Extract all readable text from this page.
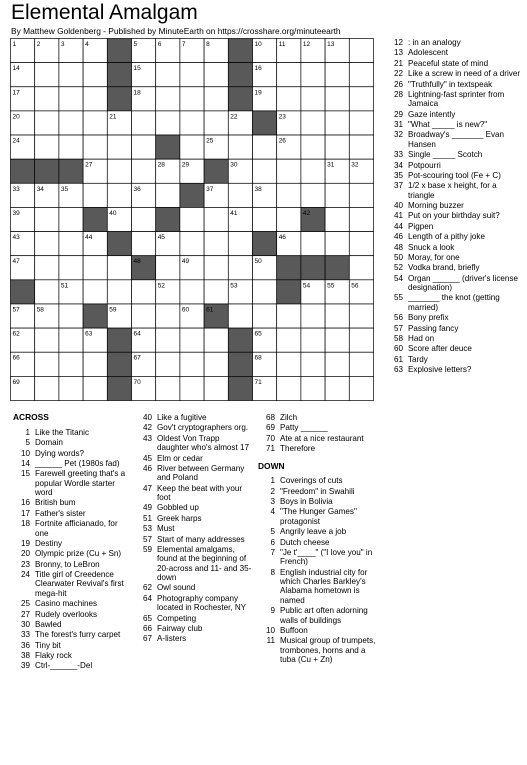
Elemental Amalgam
By Matthew Goldenberg - Published by MinuteEarth on https://crosshare.org/minuteearth
1	2	3	4	5	6	7	8	10	11	12	13
14	15	16
17	18	19
20	21	22	23
24	25	26
27	28	29	30	31	32
33	34	35	36	37	38
39	40	41	42
43	44	45	46
47	48	49	50
51	52	53	54	55	56
57	58	59	60	61
62	63	64	65
66	67	68
69	70	71
ACROSS
1 Like the Titanic
5 Domain
10 Dying words?
14 ______ Pet (1980s fad)
15 Farewell greeting that's a popular Wordle starter word
16 British bum
17 Father's sister
18 Fortnite afficianado, for one
19 Destiny
20 Olympic prize (Cu + Sn)
23 Bronny, to LeBron
24 Title girl of Creedence Clearwater Revival's first mega-hit
25 Casino machines
27 Rudely overlooks
30 Bawled
33 The forest's furry carpet
36 Tiny bit
38 Flaky rock
39 Ctrl-______-Del
40 Like a fugitive
42 Gov't cryptographers org.
43 Oldest Von Trapp daughter who's almost 17
45 Elm or cedar
46 River between Germany and Poland
47 Keep the beat with your foot
49 Gobbled up
51 Greek harps
53 Must
57 Start of many addresses
59 Elemental amalgams, found at the beginning of 20-across and 11- and 35-down
62 Owl sound
64 Photography company located in Rochester, NY
65 Competing
66 Fairway club
67 A-listers
68 Zilch
69 Patty ______
70 Ate at a nice restaurant
71 Therefore
DOWN
1 Coverings of cuts
2 "Freedom" in Swahili
3 Boys in Bolivia
4 "The Hunger Games" protagonist
5 Angrily leave a job
6 Dutch cheese
7 "Je t'____" ("I love you" in French)
8 English industrial city for which Charles Barkley's Alabama hometown is named
9 Public art often adorning walls of buildings
10 Buffoon
11 Musical group of trumpets, trombones, horns and a tuba (Cu + Zn)
12 : in an analogy
13 Adolescent
21 Peaceful state of mind
22 Like a screw in need of a driver
26 "Truthfully" in textspeak
28 Lightning-fast sprinter from Jamaica
29 Gaze intently
31 "What _____ is new?"
32 Broadway's _______ Evan Hansen
33 Single _____ Scotch
34 Potpourri
35 Pot-scouring tool (Fe + C)
37 1/2 x base x height, for a triangle
40 Morning buzzer
41 Put on your birthday suit?
44 Pigpen
46 Length of a pithy joke
48 Snuck a look
50 Moray, for one
52 Vodka brand, briefly
54 Organ ______ (driver's license designation)
55 _______ the knot (getting married)
56 Bony prefix
57 Passing fancy
58 Had on
60 Score after deuce
61 Tardy
63 Explosive letters?
